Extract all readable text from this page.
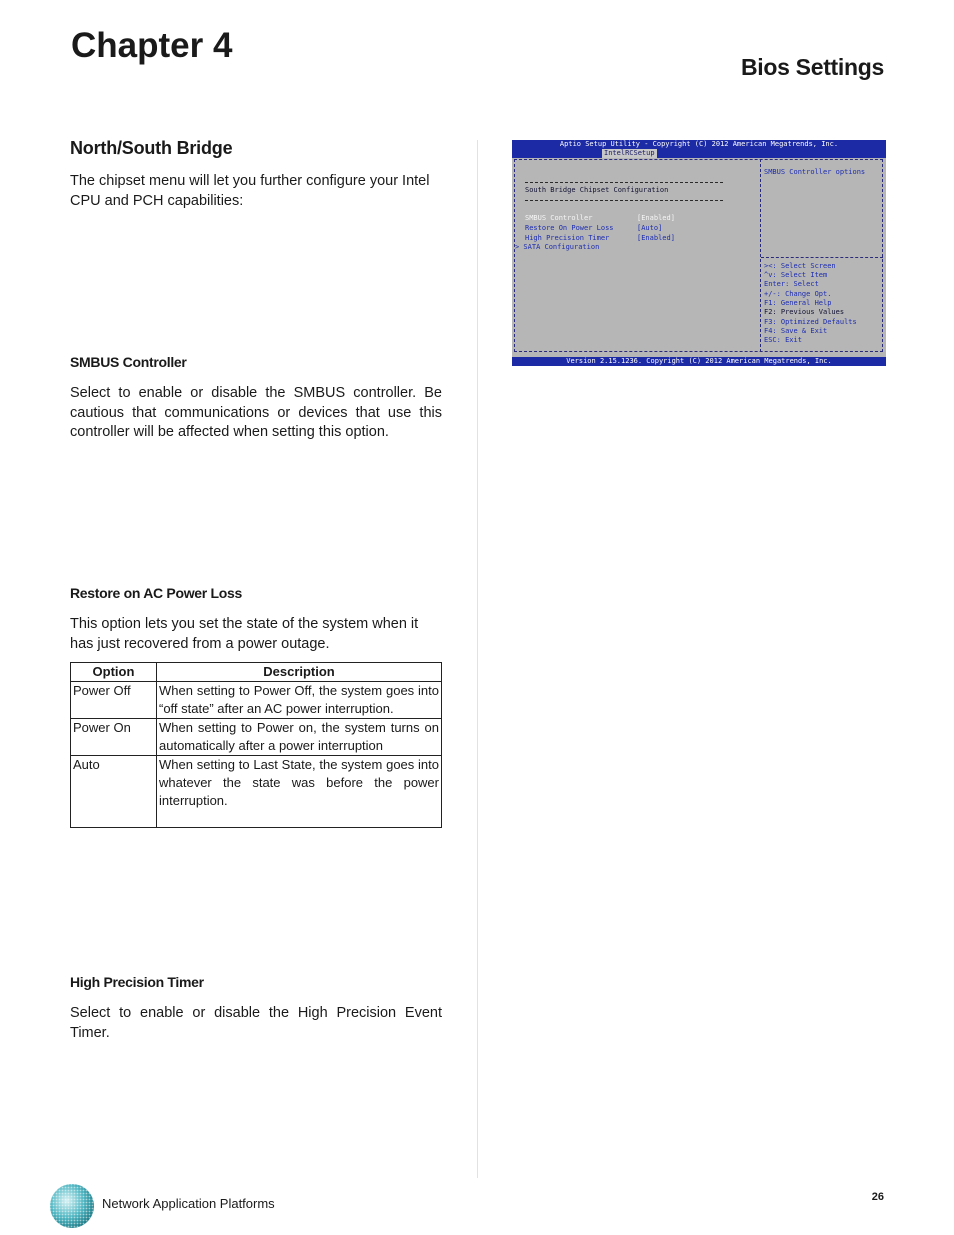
Chapter 4
Bios Settings
North/South Bridge

The chipset menu will let you further configure your Intel CPU and PCH capabilities:

SMBUS Controller

Select to enable or disable the SMBUS controller. Be cautious that communications or devices that use this controller will be affected when setting this option.

Restore on AC Power Loss

This option lets you set the state of the system when it has just recovered from a power outage.

Option	Description
Power Off	When setting to Power Off, the system goes into “off state” after an AC power interruption.
Power On	When setting to Power on, the system turns on automatically after a power interruption
Auto	When setting to Last State, the system goes into whatever the state was before the power interruption.
High Precision Timer

Select to enable or disable the High Precision Event Timer.

Aptio Setup Utility - Copyright (C) 2012 American Megatrends, Inc.
IntelRCSetup
South Bridge Chipset Configuration
SMBUS Controller	[Enabled]
Restore On Power Loss	[Auto]
High Precision Timer	[Enabled]
> SATA Configuration
SMBUS Controller options
><: Select Screen
^v: Select Item
Enter: Select
+/-: Change Opt.
F1: General Help
F2: Previous Values
F3: Optimized Defaults
F4: Save & Exit
ESC: Exit
Version 2.15.1236. Copyright (C) 2012 American Megatrends, Inc.

Network Application Platforms	26
